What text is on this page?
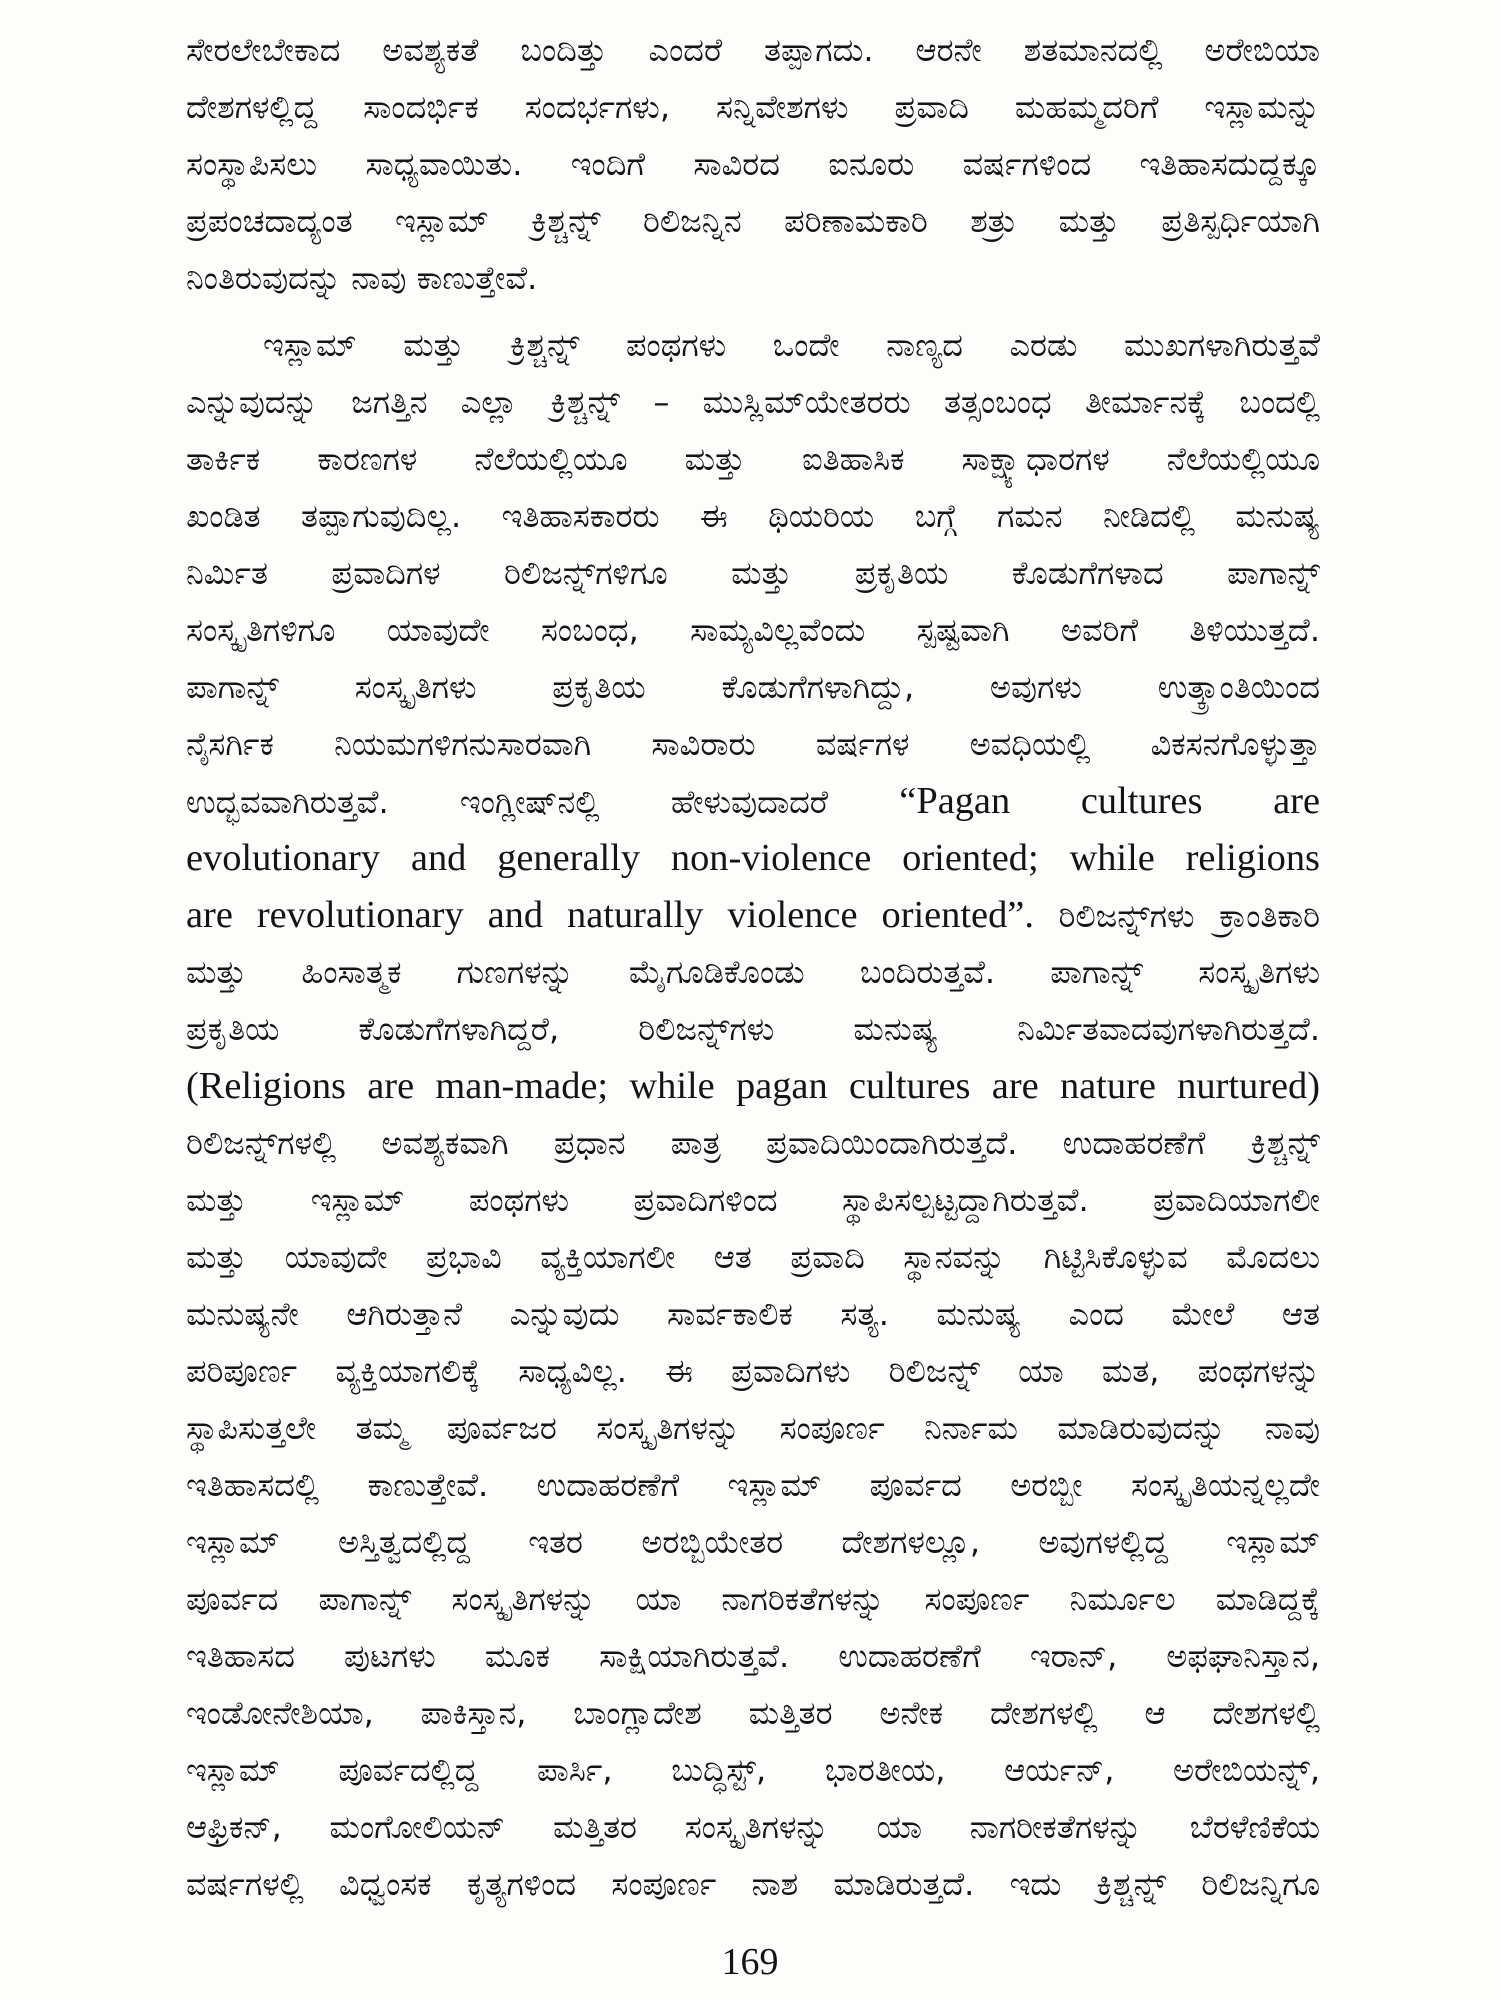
ಸೇರಲೇಬೇಕಾದ ಅವಶ್ಯಕತೆ ಬಂದಿತ್ತು ಎಂದರೆ ತಪ್ಪಾಗದು. ಆರನೇ ಶತಮಾನದಲ್ಲಿ ಅರೇಬಿಯಾ
ದೇಶಗಳಲ್ಲಿದ್ದ ಸಾಂದರ್ಭಿಕ ಸಂದರ್ಭಗಳು, ಸನ್ನಿವೇಶಗಳು ಪ್ರವಾದಿ ಮಹಮ್ಮದರಿಗೆ ಇಸ್ಲಾಮನ್ನು
ಸಂಸ್ಥಾಪಿಸಲು ಸಾಧ್ಯವಾಯಿತು. ಇಂದಿಗೆ ಸಾವಿರದ ಐನೂರು ವರ್ಷಗಳಿಂದ ಇತಿಹಾಸದುದ್ದಕ್ಕೂ
ಪ್ರಪಂಚದಾದ್ಯಂತ ಇಸ್ಲಾಮ್ ಕ್ರಿಶ್ಚನ್ನ್ ರಿಲಿಜನ್ನಿನ ಪರಿಣಾಮಕಾರಿ ಶತ್ರು ಮತ್ತು ಪ್ರತಿಸ್ಪರ್ಧಿಯಾಗಿ
ನಿಂತಿರುವುದನ್ನು ನಾವು ಕಾಣುತ್ತೇವೆ.
ಇಸ್ಲಾಮ್ ಮತ್ತು ಕ್ರಿಶ್ಚನ್ನ್ ಪಂಥಗಳು ಒಂದೇ ನಾಣ್ಯದ ಎರಡು ಮುಖಗಳಾಗಿರುತ್ತವೆ
ಎನ್ನುವುದನ್ನು ಜಗತ್ತಿನ ಎಲ್ಲಾ ಕ್ರಿಶ್ಚನ್ನ್ – ಮುಸ್ಲಿಮ್‌ಯೇತರರು ತತ್ಸಂಬಂಧ ತೀರ್ಮಾನಕ್ಕೆ ಬಂದಲ್ಲಿ
ತಾರ್ಕಿಕ ಕಾರಣಗಳ ನೆಲೆಯಲ್ಲಿಯೂ ಮತ್ತು ಐತಿಹಾಸಿಕ ಸಾಕ್ಷ್ಯಾಧಾರಗಳ ನೆಲೆಯಲ್ಲಿಯೂ
ಖಂಡಿತ ತಪ್ಪಾಗುವುದಿಲ್ಲ. ಇತಿಹಾಸಕಾರರು ಈ ಥಿಯರಿಯ ಬಗ್ಗೆ ಗಮನ ನೀಡಿದಲ್ಲಿ ಮನುಷ್ಯ
ನಿರ್ಮಿತ ಪ್ರವಾದಿಗಳ ರಿಲಿಜನ್ನ್‌ಗಳಿಗೂ ಮತ್ತು ಪ್ರಕೃತಿಯ ಕೊಡುಗೆಗಳಾದ ಪಾಗಾನ್ನ್
ಸಂಸ್ಕೃತಿಗಳಿಗೂ ಯಾವುದೇ ಸಂಬಂಧ, ಸಾಮ್ಯವಿಲ್ಲವೆಂದು ಸ್ಪಷ್ಟವಾಗಿ ಅವರಿಗೆ ತಿಳಿಯುತ್ತದೆ.
ಪಾಗಾನ್ನ್ ಸಂಸ್ಕೃತಿಗಳು ಪ್ರಕೃತಿಯ ಕೊಡುಗೆಗಳಾಗಿದ್ದು, ಅವುಗಳು ಉತ್ಕ್ರಾಂತಿಯಿಂದ
ನೈಸರ್ಗಿಕ ನಿಯಮಗಳಿಗನುಸಾರವಾಗಿ ಸಾವಿರಾರು ವರ್ಷಗಳ ಅವಧಿಯಲ್ಲಿ ವಿಕಸನಗೊಳ್ಳುತ್ತಾ
ಉದ್ಭವವಾಗಿರುತ್ತವೆ. ಇಂಗ್ಲೀಷ್‌ನಲ್ಲಿ ಹೇಳುವುದಾದರೆ “Pagan cultures are
evolutionary and generally non-violence oriented; while religions
are revolutionary and naturally violence oriented”. ರಿಲಿಜನ್ನ್‌ಗಳು ಕ್ರಾಂತಿಕಾರಿ
ಮತ್ತು ಹಿಂಸಾತ್ಮಕ ಗುಣಗಳನ್ನು ಮೈಗೂಡಿಕೊಂಡು ಬಂದಿರುತ್ತವೆ. ಪಾಗಾನ್ನ್ ಸಂಸ್ಕೃತಿಗಳು
ಪ್ರಕೃತಿಯ ಕೊಡುಗೆಗಳಾಗಿದ್ದರೆ, ರಿಲಿಜನ್ನ್‌ಗಳು ಮನುಷ್ಯ ನಿರ್ಮಿತವಾದವುಗಳಾಗಿರುತ್ತದೆ.
(Religions are man-made; while pagan cultures are nature nurtured)
ರಿಲಿಜನ್ನ್‌ಗಳಲ್ಲಿ ಅವಶ್ಯಕವಾಗಿ ಪ್ರಧಾನ ಪಾತ್ರ ಪ್ರವಾದಿಯಿಂದಾಗಿರುತ್ತದೆ. ಉದಾಹರಣೆಗೆ ಕ್ರಿಶ್ಚನ್ನ್
ಮತ್ತು ಇಸ್ಲಾಮ್ ಪಂಥಗಳು ಪ್ರವಾದಿಗಳಿಂದ ಸ್ಥಾಪಿಸಲ್ಪಟ್ಟದ್ದಾಗಿರುತ್ತವೆ. ಪ್ರವಾದಿಯಾಗಲೀ
ಮತ್ತು ಯಾವುದೇ ಪ್ರಭಾವಿ ವ್ಯಕ್ತಿಯಾಗಲೀ ಆತ ಪ್ರವಾದಿ ಸ್ಥಾನವನ್ನು ಗಿಟ್ಟಿಸಿಕೊಳ್ಳುವ ಮೊದಲು
ಮನುಷ್ಯನೇ ಆಗಿರುತ್ತಾನೆ ಎನ್ನುವುದು ಸಾರ್ವಕಾಲಿಕ ಸತ್ಯ. ಮನುಷ್ಯ ಎಂದ ಮೇಲೆ ಆತ
ಪರಿಪೂರ್ಣ ವ್ಯಕ್ತಿಯಾಗಲಿಕ್ಕೆ ಸಾಧ್ಯವಿಲ್ಲ. ಈ ಪ್ರವಾದಿಗಳು ರಿಲಿಜನ್ನ್ ಯಾ ಮತ, ಪಂಥಗಳನ್ನು
ಸ್ಥಾಪಿಸುತ್ತಲೇ ತಮ್ಮ ಪೂರ್ವಜರ ಸಂಸ್ಕೃತಿಗಳನ್ನು ಸಂಪೂರ್ಣ ನಿರ್ನಾಮ ಮಾಡಿರುವುದನ್ನು ನಾವು
ಇತಿಹಾಸದಲ್ಲಿ ಕಾಣುತ್ತೇವೆ. ಉದಾಹರಣೆಗೆ ಇಸ್ಲಾಮ್ ಪೂರ್ವದ ಅರಬ್ಬೀ ಸಂಸ್ಕೃತಿಯನ್ನಲ್ಲದೇ
ಇಸ್ಲಾಮ್ ಅಸ್ತಿತ್ವದಲ್ಲಿದ್ದ ಇತರ ಅರಬ್ಬಿಯೇತರ ದೇಶಗಳಲ್ಲೂ, ಅವುಗಳಲ್ಲಿದ್ದ ಇಸ್ಲಾಮ್
ಪೂರ್ವದ ಪಾಗಾನ್ನ್ ಸಂಸ್ಕೃತಿಗಳನ್ನು ಯಾ ನಾಗರಿಕತೆಗಳನ್ನು ಸಂಪೂರ್ಣ ನಿರ್ಮೂಲ ಮಾಡಿದ್ದಕ್ಕೆ
ಇತಿಹಾಸದ ಪುಟಗಳು ಮೂಕ ಸಾಕ್ಷಿಯಾಗಿರುತ್ತವೆ. ಉದಾಹರಣೆಗೆ ಇರಾನ್, ಅಫಘಾನಿಸ್ತಾನ,
ಇಂಡೋನೇಶಿಯಾ, ಪಾಕಿಸ್ತಾನ, ಬಾಂಗ್ಲಾದೇಶ ಮತ್ತಿತರ ಅನೇಕ ದೇಶಗಳಲ್ಲಿ ಆ ದೇಶಗಳಲ್ಲಿ
ಇಸ್ಲಾಮ್ ಪೂರ್ವದಲ್ಲಿದ್ದ ಪಾರ್ಸಿ, ಬುದ್ಧಿಸ್ಟ್, ಭಾರತೀಯ, ಆರ್ಯನ್, ಅರೇಬಿಯನ್ನ್,
ಆಫ್ರಿಕನ್, ಮಂಗೋಲಿಯನ್ ಮತ್ತಿತರ ಸಂಸ್ಕೃತಿಗಳನ್ನು ಯಾ ನಾಗರೀಕತೆಗಳನ್ನು ಬೆರಳೆಣಿಕೆಯ
ವರ್ಷಗಳಲ್ಲಿ ವಿಧ್ವಂಸಕ ಕೃತ್ಯಗಳಿಂದ ಸಂಪೂರ್ಣ ನಾಶ ಮಾಡಿರುತ್ತದೆ. ಇದು ಕ್ರಿಶ್ಚನ್ನ್ ರಿಲಿಜನ್ನಿಗೂ
169
